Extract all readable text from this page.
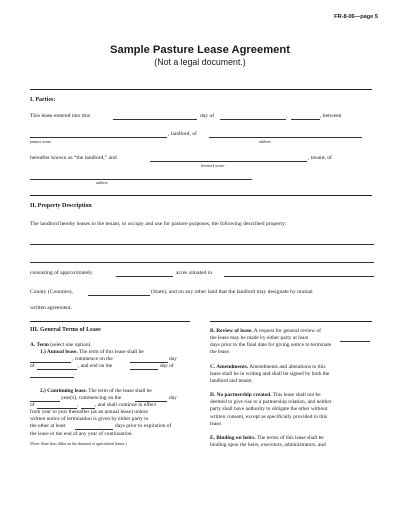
FR-8-06—page 5
Sample Pasture Lease Agreement
(Not a legal document.)
I. Parties:
This lease entered into this	day of	,	, between
, landlord, of
pasture owner	address
hereafter known as “the landlord,” and	, tenant, of
livestock owner
address
II. Property Description
The landlord hereby leases to the tenant, to occupy and use for pasture purposes, the following described property:
consisting of approximately	acres situated in
County (Counties),	(State), and on any other land that the landlord may designate by mutual
written agreement.
III. General Terms of Lease
A. Term (select one option).
1.) Annual lease. The term of this lease shall be
, commence on the	day
of	, and end on the	day of
.
2.) Continuing lease. The term of the lease shall be
year(s), commencing on the	day
of	,	, and shall continue in effect

from year to year thereafter (as an annual lease) unless

written notice of termination is given by either party to

the other at least	days prior to expiration of

the lease or the end of any year of continuation.

(Note: State laws differ on the duration of agricultural leases.)

B. Review of lease. A request for general review of

the lease may be made by either party at least

days prior to the final date for giving notice to terminate

the lease.

C. Amendments. Amendments and alterations to this

lease shall be in writing and shall be signed by both the

landlord and tenant.

D. No partnership created. This lease shall not be

deemed to give rise to a partnership relation, and neither

party shall have authority to obligate the other without

written consent, except as specifically provided in this

lease.

E. Binding on heirs. The terms of this lease shall be

binding upon the heirs, executors, administrators, and
